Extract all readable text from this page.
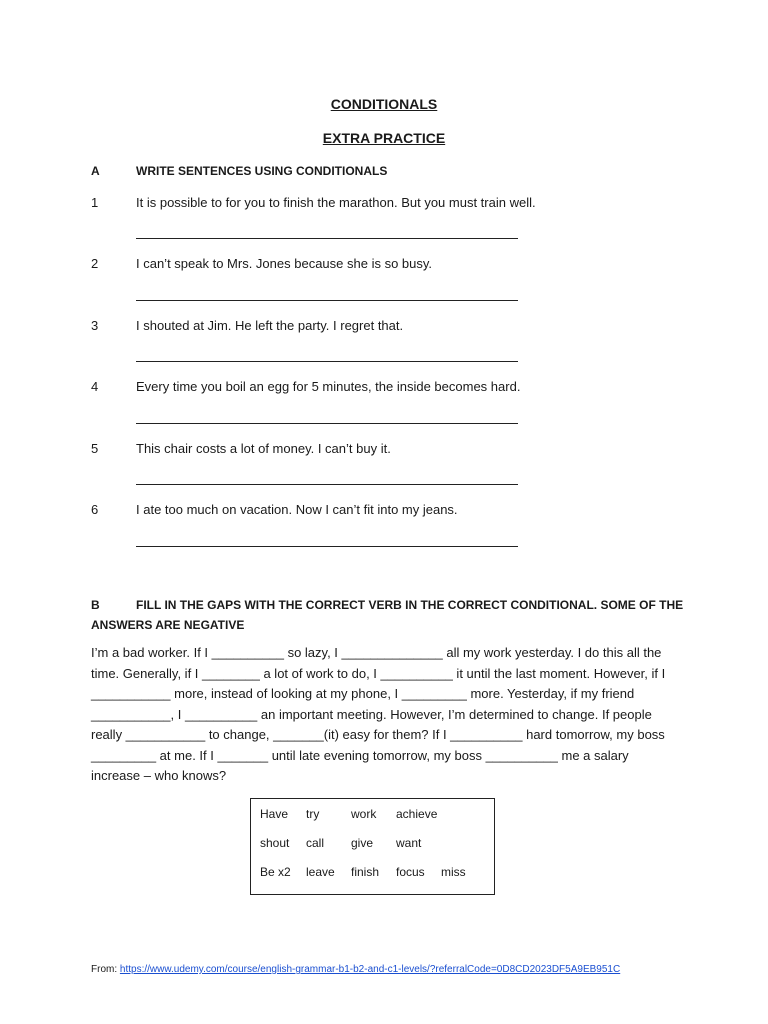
CONDITIONALS
EXTRA PRACTICE
A	WRITE SENTENCES USING CONDITIONALS
1	It is possible to for you to finish the marathon. But you must train well.
2	I can’t speak to Mrs. Jones because she is so busy.
3	I shouted at Jim. He left the party. I regret that.
4	Every time you boil an egg for 5 minutes, the inside becomes hard.
5	This chair costs a lot of money. I can’t buy it.
6	I ate too much on vacation. Now I can’t fit into my jeans.
B	FILL IN THE GAPS WITH THE CORRECT VERB IN THE CORRECT CONDITIONAL. SOME OF THE ANSWERS ARE NEGATIVE
I’m a bad worker. If I __________ so lazy, I ______________ all my work yesterday. I do this all the time. Generally, if I ________ a lot of work to do, I __________ it until the last moment. However, if I ___________ more, instead of looking at my phone, I _________ more. Yesterday, if my friend ___________, I __________ an important meeting. However, I’m determined to change. If people really ___________ to change, _______(it) easy for them? If I __________ hard tomorrow, my boss _________ at me. If I _______ until late evening tomorrow, my boss __________ me a salary increase – who knows?
Have try	work achieve
shout call give want
Be x2 leave finish focus miss
From: https://www.udemy.com/course/english-grammar-b1-b2-and-c1-levels/?referralCode=0D8CD2023DF5A9EB951C
